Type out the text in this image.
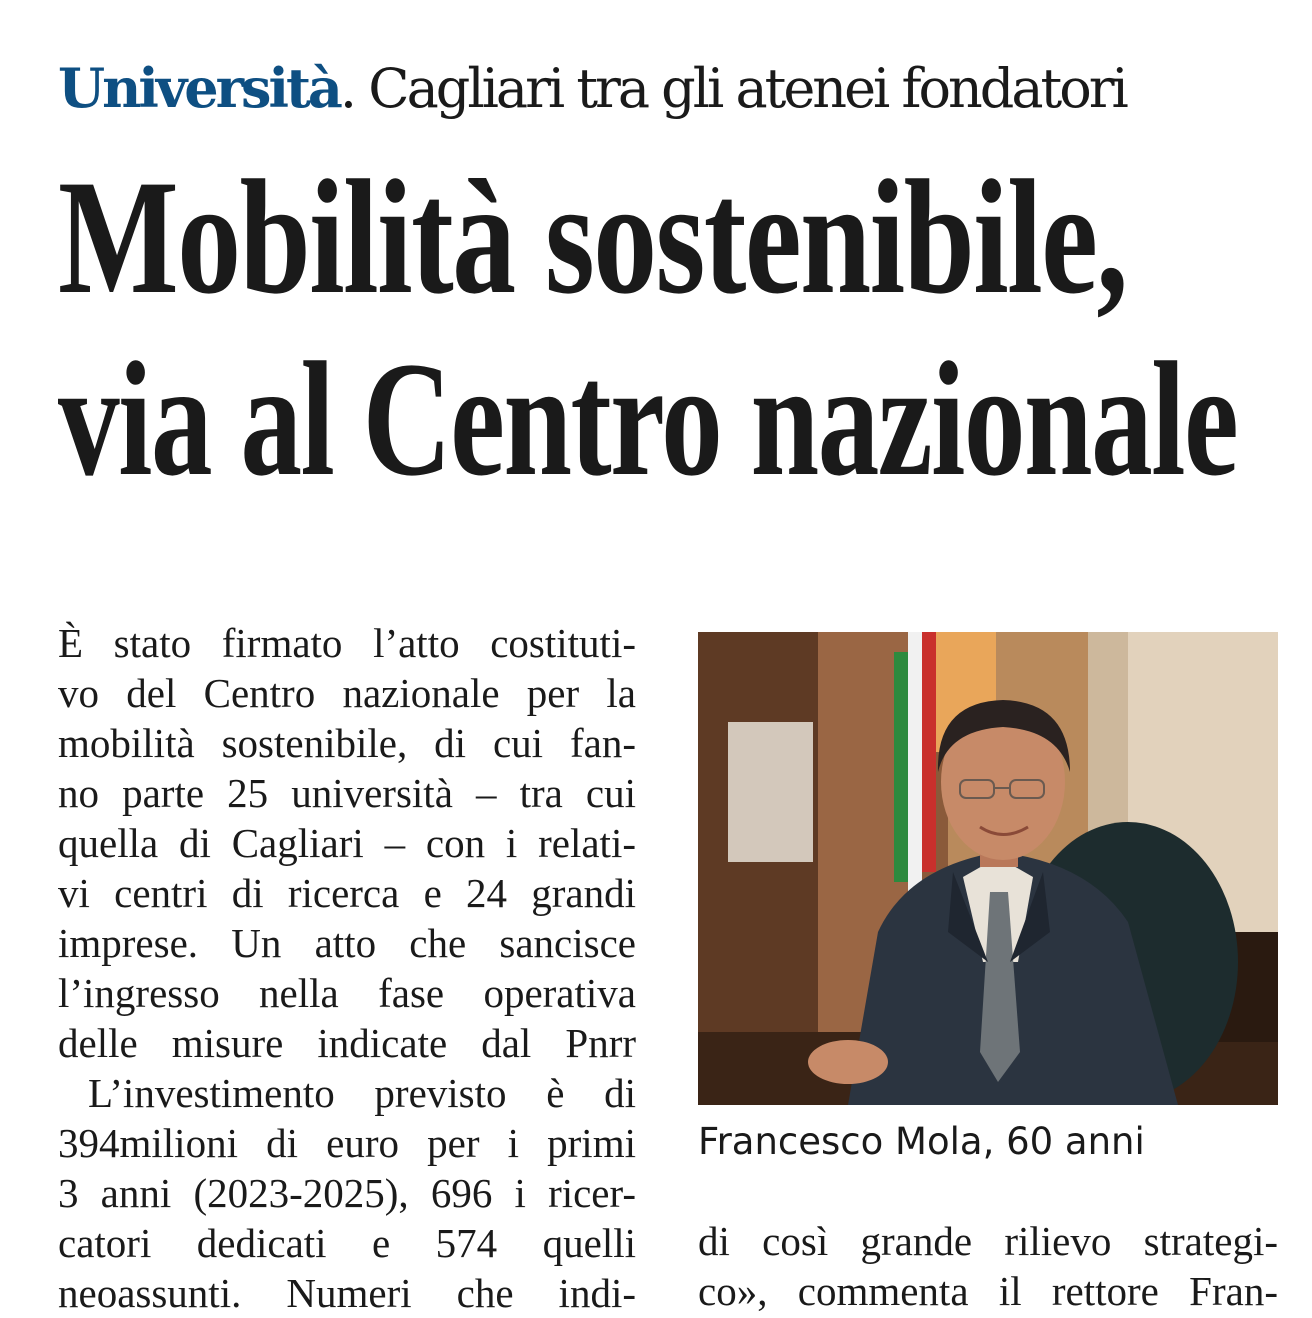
Università. Cagliari tra gli atenei fondatori
Mobilità sostenibile,
via al Centro nazionale
È stato firmato l’atto costituti-
vo del Centro nazionale per la
mobilità sostenibile, di cui fan-
no parte 25 università – tra cui
quella di Cagliari – con i relati-
vi centri di ricerca e 24 grandi
imprese. Un atto che sancisce
l’ingresso nella fase operativa
delle misure indicate dal Pnrr
L’investimento previsto è di
394milioni di euro per i primi
3 anni (2023-2025), 696 i ricer-
catori dedicati e 574 quelli
neoassunti. Numeri che indi-
Francesco Mola, 60 anni
di così grande rilievo strategi-
co», commenta il rettore Fran-
